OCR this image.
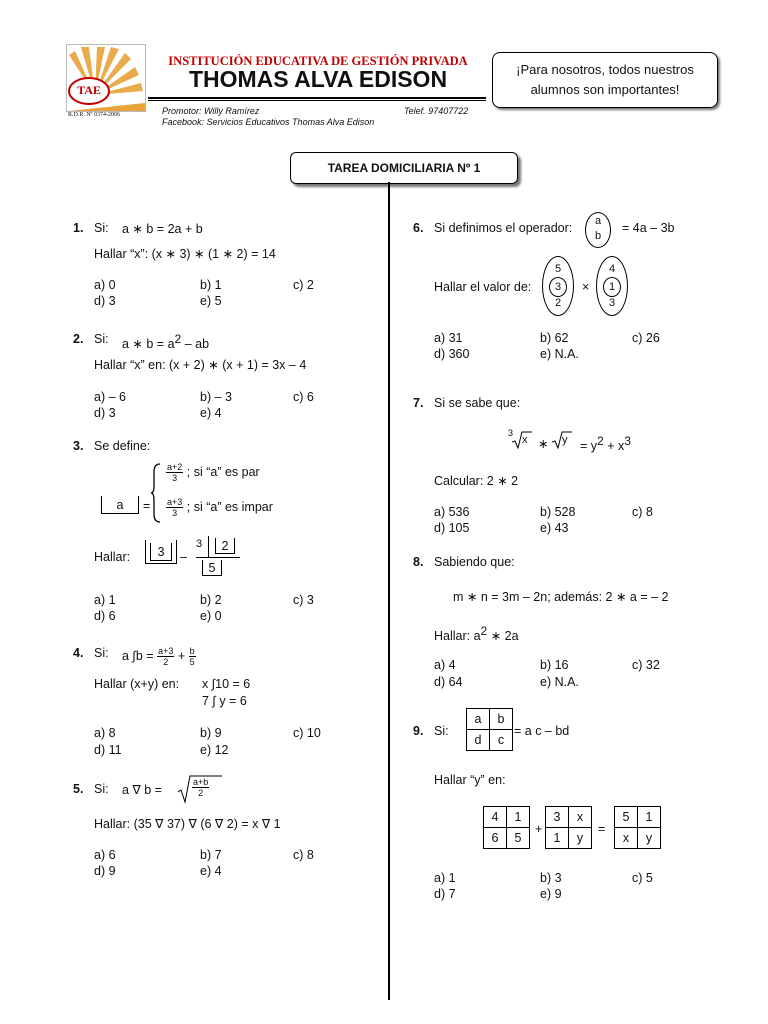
TAE
R.D.R. Nº 0374-2006
INSTITUCIÓN EDUCATIVA DE GESTIÓN PRIVADA
THOMAS ALVA EDISON
Promotor: Willy Ramírez	Telef. 97407722
Facebook: Servicios Educativos Thomas Alva Edison
¡Para nosotros, todos nuestros alumnos son importantes!
TAREA DOMICILIARIA Nº 1
1. Si: a ∗ b = 2a + b
Hallar “x”: (x ∗ 3) ∗ (1 ∗ 2) = 14
a) 0	b) 1	c) 2
d) 3	e) 5
2. Si: a ∗ $b = a^2$ – ab
Hallar “x” en: (x + 2) ∗ (x + 1) = 3x – 4
a) – 6	b) – 3	c) 6
d) 3	e) 4
3. Se define:
a	=
$\frac{a+2}{3}$ ; si “a” es par
$\frac{a+3}{3}$ ; si “a” es impar
Hallar:	3	–
3	2
5
a) 1	b) 2	c) 3
d) 6	e) 0
4. Si: a $\int b = \frac{a+3}{2} + \frac{b}{5}$
Hallar (x+y) en: x ∫10 = 6
7 ∫ y = 6
a) 8	b) 9	c) 10
d) 11	e) 12
5. Si: a ∇ b =	$\frac{a+b}{2}$
Hallar: (35 ∇ 37) ∇ (6 ∇ 2) = x ∇ 1
a) 6	b) 7	c) 8
d) 9	e) 4
6. Si definimos el operador:	a
b
= 4a – 3b
Hallar el valor de:
5
3
2
×
4
1
3
a) 31	b) 62	c) 26
d) 360	e) N.A.
7. Si se sabe que:
3
x ∗ $y = y^2 + x^3$
Calcular: 2 ∗ 2
a) 536	b) 528	c) 8
d) 105	e) 43
8. Sabiendo que:
m ∗ n = 3m – 2n; además: 2 ∗ a = – 2
Hallar: $a^2$ ∗ 2a
a) 4	b) 16	c) 32
d) 64	e) N.A.
9. Si:
a	b
d	c
= a c – bd
Hallar “y” en:
4	1
6	5
+
3	x
1	y
=
5	1
x	y
a) 1	b) 3	c) 5
d) 7	e) 9
